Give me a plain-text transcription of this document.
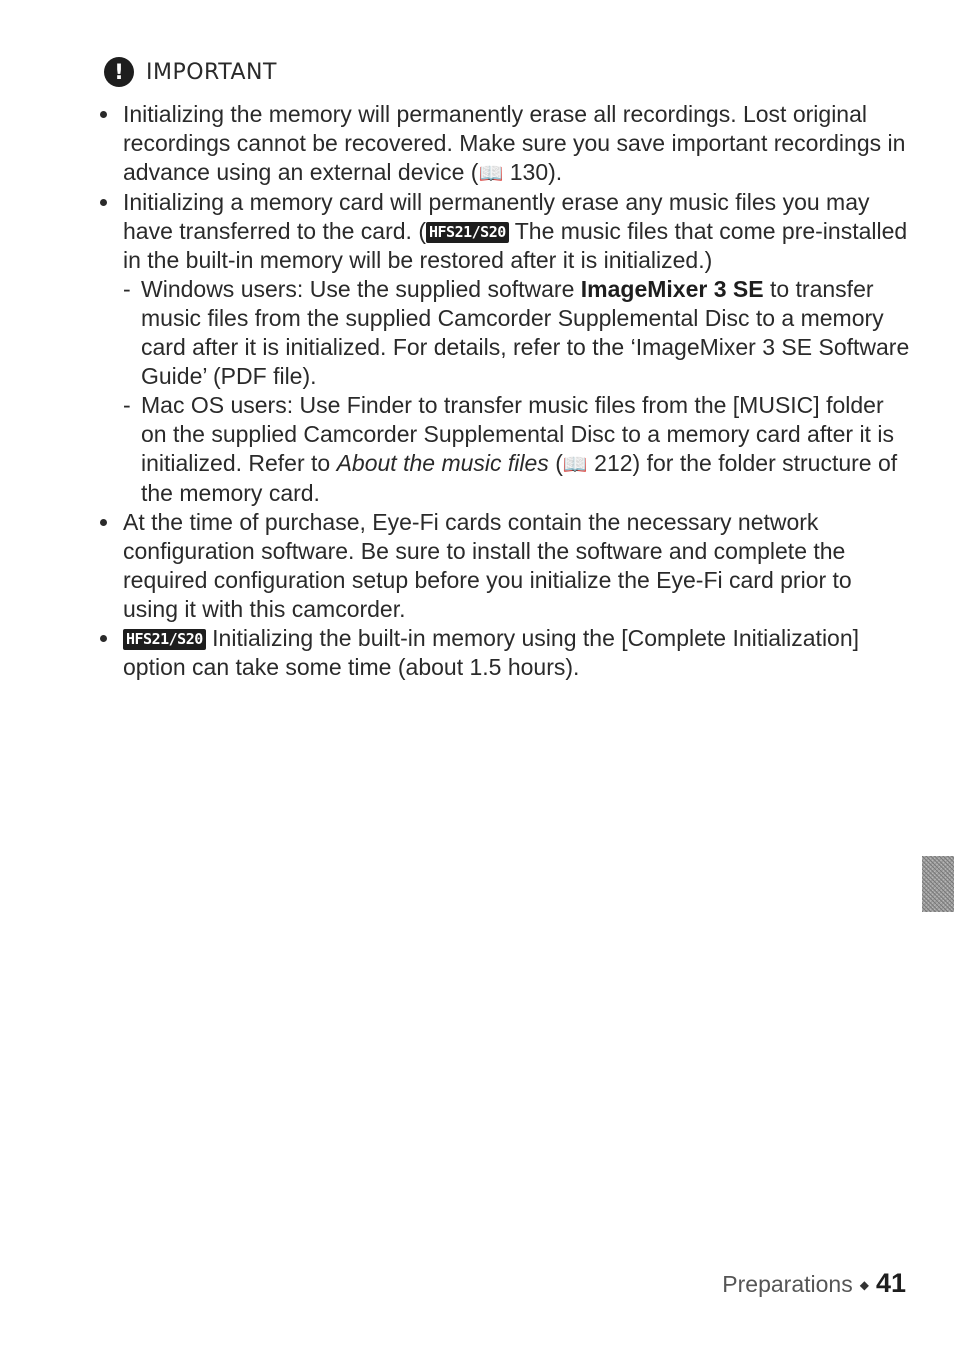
!	IMPORTANT

Initializing the memory will permanently erase all recordings. Lost original recordings cannot be recovered. Make sure you save important recordings in advance using an external device (📖 130).

Initializing a memory card will permanently erase any music files you may have transferred to the card. ( HFS21/S20 The music files that come pre-installed in the built-in memory will be restored after it is initialized.)

- Windows users: Use the supplied software ImageMixer 3 SE to transfer music files from the supplied Camcorder Supplemental Disc to a memory card after it is initialized. For details, refer to the ‘ImageMixer 3 SE Software Guide’ (PDF file).

- Mac OS users: Use Finder to transfer music files from the [MUSIC] folder on the supplied Camcorder Supplemental Disc to a memory card after it is initialized. Refer to About the music files (📖 212) for the folder structure of the memory card.

At the time of purchase, Eye-Fi cards contain the necessary network configuration software. Be sure to install the software and complete the required configuration setup before you initialize the Eye-Fi card prior to using it with this camcorder.

HFS21/S20 Initializing the built-in memory using the [Complete Initialization] option can take some time (about 1.5 hours).

Preparations ◆ 41
